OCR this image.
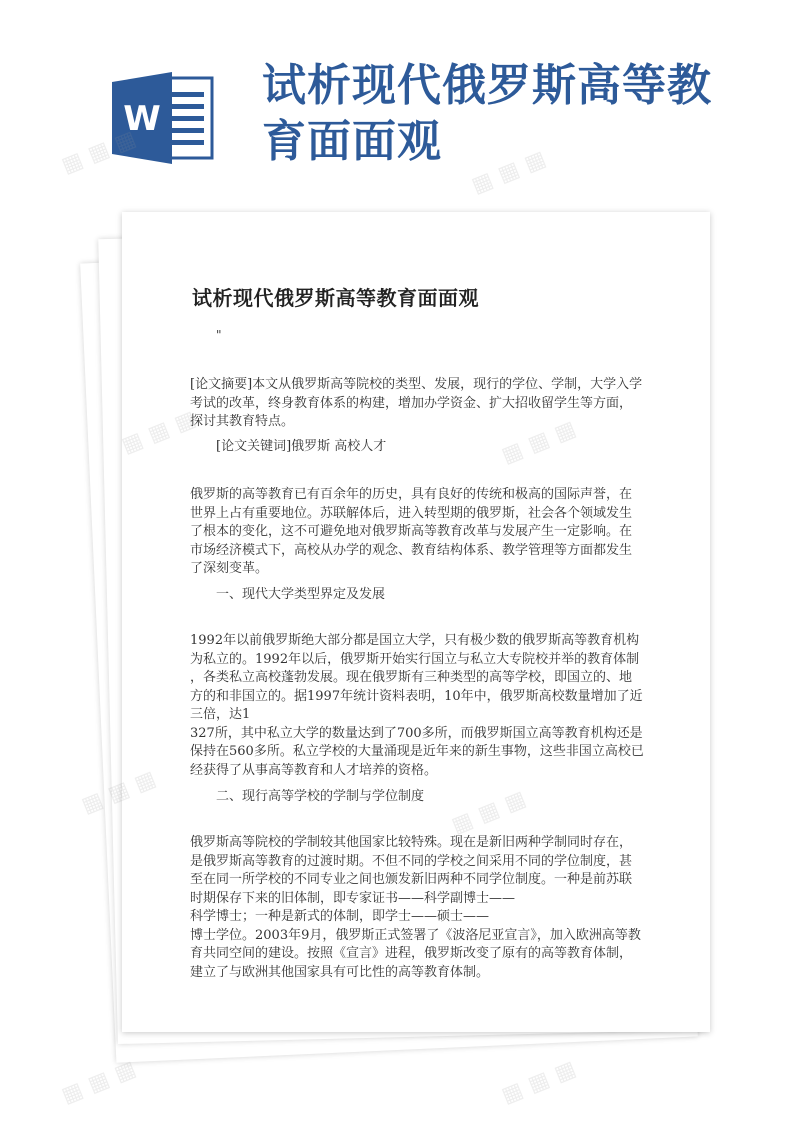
W
试析现代俄罗斯高等教育面面观
试析现代俄罗斯高等教育面面观
"
[论文摘要]本文从俄罗斯高等院校的类型、发展，现行的学位、学制，大学入学
考试的改革，终身教育体系的构建，增加办学资金、扩大招收留学生等方面，
探讨其教育特点。
[论文关键词]俄罗斯 高校人才
俄罗斯的高等教育已有百余年的历史，具有良好的传统和极高的国际声誉，在
世界上占有重要地位。苏联解体后，进入转型期的俄罗斯，社会各个领域发生
了根本的变化，这不可避免地对俄罗斯高等教育改革与发展产生一定影响。在
市场经济模式下，高校从办学的观念、教育结构体系、教学管理等方面都发生
了深刻变革。
一、现代大学类型界定及发展
1992年以前俄罗斯绝大部分都是国立大学，只有极少数的俄罗斯高等教育机构
为私立的。1992年以后，俄罗斯开始实行国立与私立大专院校并举的教育体制
，各类私立高校蓬勃发展。现在俄罗斯有三种类型的高等学校，即国立的、地
方的和非国立的。据1997年统计资料表明，10年中，俄罗斯高校数量增加了近
三倍，达1
327所，其中私立大学的数量达到了700多所，而俄罗斯国立高等教育机构还是
保持在560多所。私立学校的大量涌现是近年来的新生事物，这些非国立高校已
经获得了从事高等教育和人才培养的资格。
二、现行高等学校的学制与学位制度
俄罗斯高等院校的学制较其他国家比较特殊。现在是新旧两种学制同时存在，
是俄罗斯高等教育的过渡时期。不但不同的学校之间采用不同的学位制度，甚
至在同一所学校的不同专业之间也颁发新旧两种不同学位制度。一种是前苏联
时期保存下来的旧体制，即专家证书——科学副博士——
科学博士；一种是新式的体制，即学士——硕士——
博士学位。2003年9月，俄罗斯正式签署了《波洛尼亚宣言》，加入欧洲高等教
育共同空间的建设。按照《宣言》进程，俄罗斯改变了原有的高等教育体制，
建立了与欧洲其他国家具有可比性的高等教育体制。
▦ ▦ ▦	▦ ▦ ▦
▦
▦ ▦ ▦	▦ ▦ ▦
